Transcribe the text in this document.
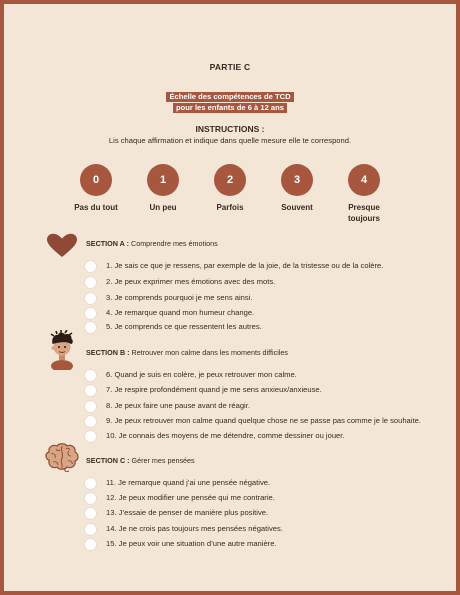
PARTIE C
Échelle des compétences de TCD
pour les enfants de 6 à 12 ans
INSTRUCTIONS :
Lis chaque affirmation et indique dans quelle mesure elle te correspond.
0	1	2	3	4
Pas du tout	Un peu	Parfois	Souvent	Presque
toujours
SECTION A : Comprendre mes émotions
1. Je sais ce que je ressens, par exemple de la joie, de la tristesse ou de la colère.
2. Je peux exprimer mes émotions avec des mots.
3. Je comprends pourquoi je me sens ainsi.
4. Je remarque quand mon humeur change.
5. Je comprends ce que ressentent les autres.
SECTION B : Retrouver mon calme dans les moments difficiles
6. Quand je suis en colère, je peux retrouver mon calme.
7. Je respire profondément quand je me sens anxieux/anxieuse.
8. Je peux faire une pause avant de réagir.
9. Je peux retrouver mon calme quand quelque chose ne se passe pas comme je le souhaite.
10. Je connais des moyens de me détendre, comme dessiner ou jouer.
SECTION C : Gérer mes pensées
11. Je remarque quand j’ai une pensée négative.
12. Je peux modifier une pensée qui me contrarie.
13. J’essaie de penser de manière plus positive.
14. Je ne crois pas toujours mes pensées négatives.
15. Je peux voir une situation d’une autre manière.
